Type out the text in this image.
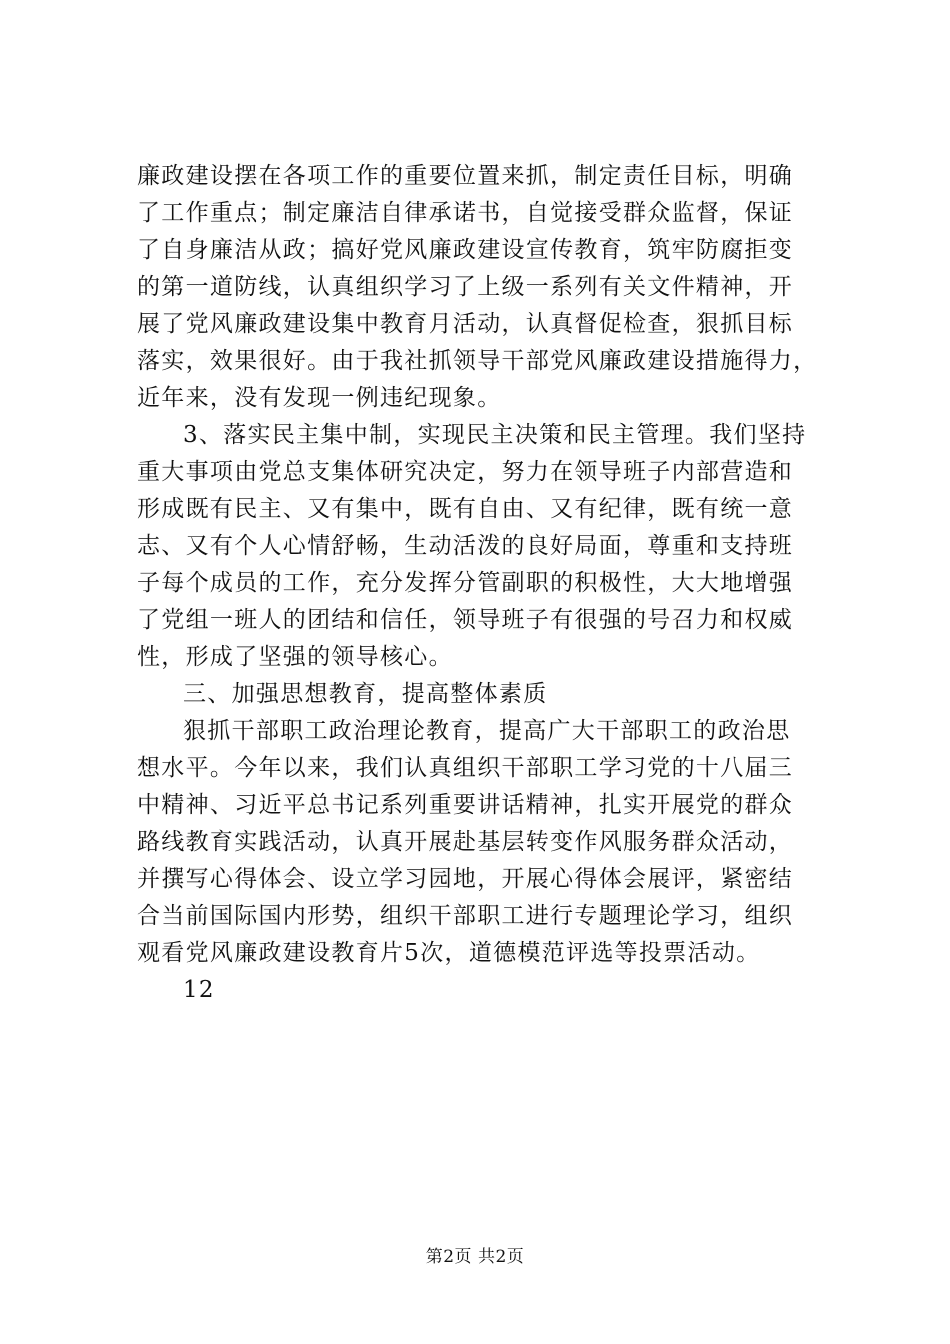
廉政建设摆在各项工作的重要位置来抓，制定责任目标，明确
了工作重点；制定廉洁自律承诺书，自觉接受群众监督，保证
了自身廉洁从政；搞好党风廉政建设宣传教育，筑牢防腐拒变
的第一道防线，认真组织学习了上级一系列有关文件精神，开
展了党风廉政建设集中教育月活动，认真督促检查，狠抓目标
落实，效果很好。由于我社抓领导干部党风廉政建设措施得力，
近年来，没有发现一例违纪现象。
3、落实民主集中制，实现民主决策和民主管理。我们坚持
重大事项由党总支集体研究决定，努力在领导班子内部营造和
形成既有民主、又有集中，既有自由、又有纪律，既有统一意
志、又有个人心情舒畅，生动活泼的良好局面，尊重和支持班
子每个成员的工作，充分发挥分管副职的积极性，大大地增强
了党组一班人的团结和信任，领导班子有很强的号召力和权威
性，形成了坚强的领导核心。
三、加强思想教育，提高整体素质
狠抓干部职工政治理论教育，提高广大干部职工的政治思
想水平。今年以来，我们认真组织干部职工学习党的十八届三
中精神、习近平总书记系列重要讲话精神，扎实开展党的群众
路线教育实践活动，认真开展赴基层转变作风服务群众活动，
并撰写心得体会、设立学习园地，开展心得体会展评，紧密结
合当前国际国内形势，组织干部职工进行专题理论学习，组织
观看党风廉政建设教育片5次，道德模范评选等投票活动。
12
第2页 共2页
